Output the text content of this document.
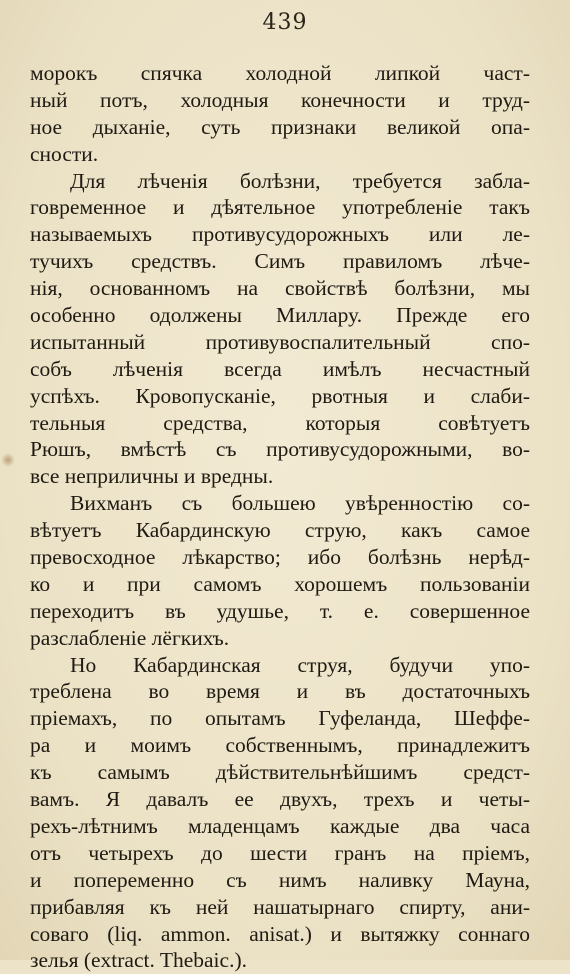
439
морокъ спячка холодной липкой част-
ный потъ, холодныя конечности и труд-
ное дыханіе, суть признаки великой опа-
сности.
Для лѣченія болѣзни, требуется забла-
говременное и дѣятельное употребленіе такъ
называемыхъ противусудорожныхъ или ле-
тучихъ средствъ. Симъ правиломъ лѣче-
нія, основанномъ на свойствѣ болѣзни, мы
особенно одолжены Миллару. Прежде его
испытанный противувоспалительный спо-
собъ лѣченія всегда имѣлъ несчастный
успѣхъ. Кровопусканіе, рвотныя и слаби-
тельныя средства, которыя совѣтуетъ
Рюшъ, вмѣстѣ съ противусудорожными, во-
все неприличны и вредны.
Вихманъ съ большею увѣренностію со-
вѣтуетъ Кабардинскую струю, какъ самое
превосходное лѣкарство; ибо болѣзнь нерѣд-
ко и при самомъ хорошемъ пользованіи
переходитъ въ удушье, т. е. совершенное
разслабленіе лёгкихъ.
Но Кабардинская струя, будучи упо-
треблена во время и въ достаточныхъ
пріемахъ, по опытамъ Гуфеланда, Шеффе-
ра и моимъ собственнымъ, принадлежитъ
къ самымъ дѣйствительнѣйшимъ средст-
вамъ. Я давалъ ее двухъ, трехъ и четы-
рехъ-лѣтнимъ младенцамъ каждые два часа
отъ четырехъ до шести гранъ на пріемъ,
и попеременно съ нимъ наливку Мауна,
прибавляя къ ней нашатырнаго спирту, ани-
соваго (liq. ammon. anisat.) и вытяжку соннаго
зелья (extract. Thebaic.).
